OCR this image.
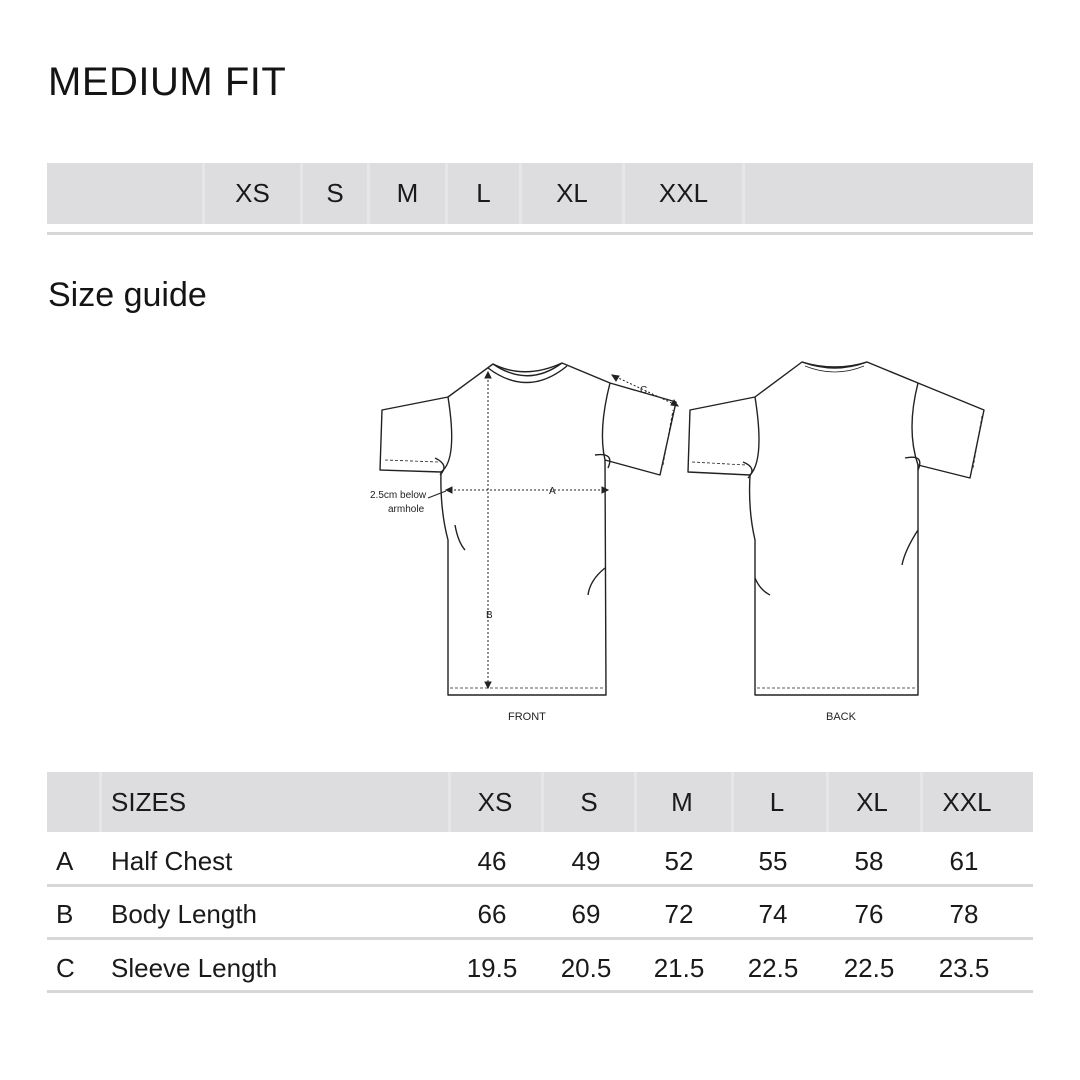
MEDIUM FIT
XS	S	M	L	XL	XXL
Size guide
A
B
C
2.5cm below
armhole
FRONT	BACK
SIZES	XS	S	M	L	XL	XXL
A Half Chest	46	49	52	55	58	61
B Body Length	66	69	72	74	76	78
C Sleeve Length	19.5	20.5	21.5	22.5	22.5	23.5
